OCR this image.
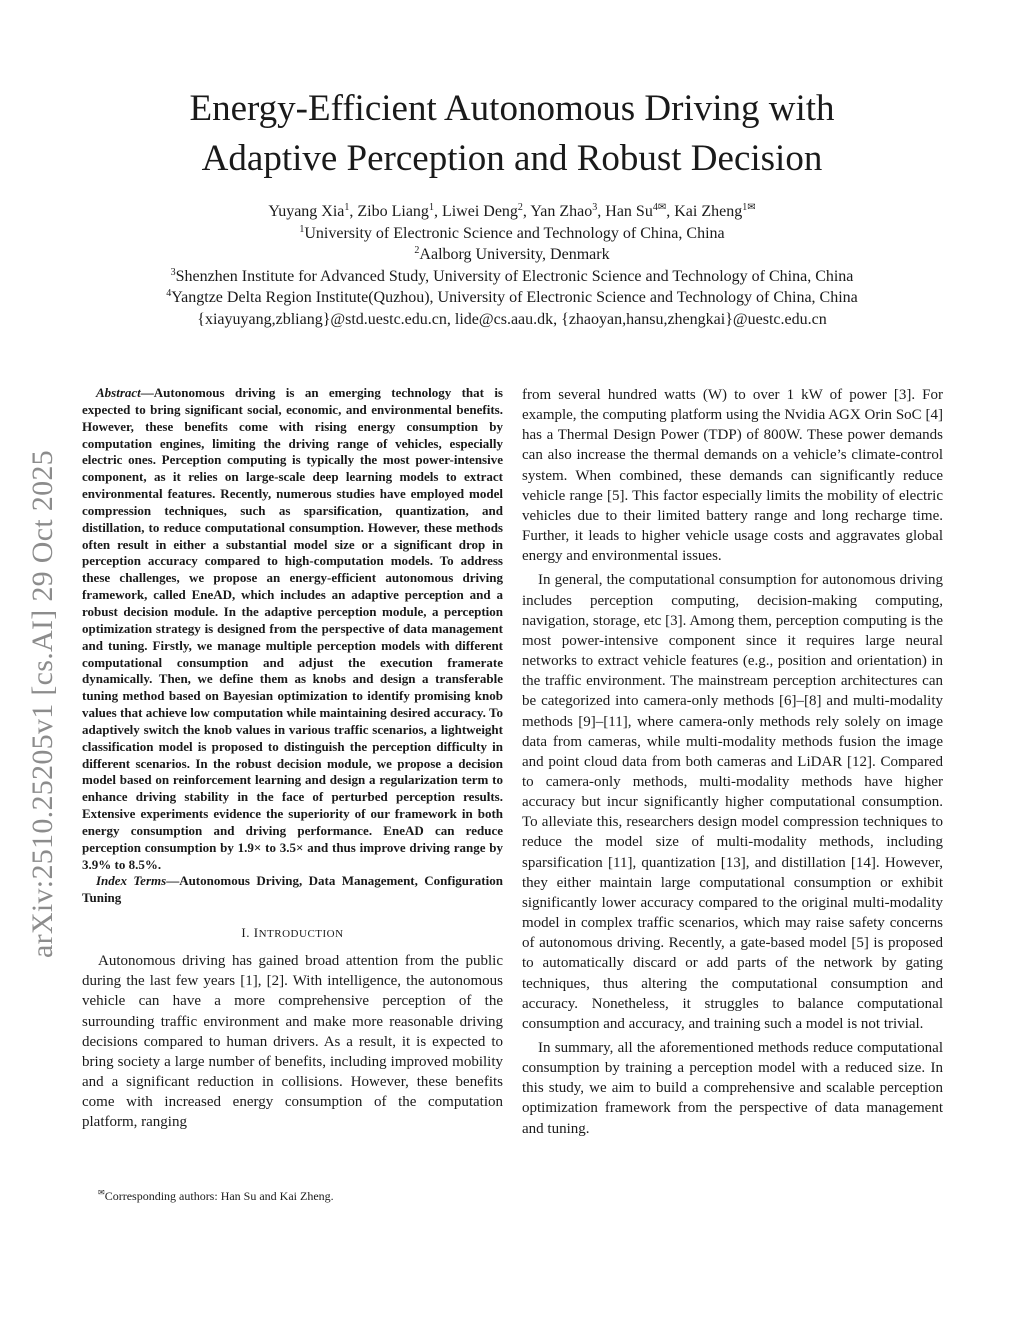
Energy-Efficient Autonomous Driving with
Adaptive Perception and Robust Decision
Yuyang Xia$^1$, Zibo Liang$^1$, Liwei Deng$^2$, Yan Zhao$^3$, Han $Su^{4✉}$, Kai Zheng$^{1✉}$
$^1$University of Electronic Science and Technology of China, China
$^2$Aalborg University, Denmark
$^3$Shenzhen Institute for Advanced Study, University of Electronic Science and Technology of China, China
$^4$Yangtze Delta Region Institute(Quzhou), University of Electronic Science and Technology of China, China
{xiayuyang,zbliang}@std.uestc.edu.cn, lide@cs.aau.dk, {zhaoyan,hansu,zhengkai}@uestc.edu.cn
arXiv:2510.25205v1 [cs.AI] 29 Oct 2025

Abstract—Autonomous driving is an emerging technology that is expected to bring significant social, economic, and environmental benefits. However, these benefits come with rising energy consumption by computation engines, limiting the driving range of vehicles, especially electric ones. Perception computing is typically the most power-intensive component, as it relies on large-scale deep learning models to extract environmental features. Recently, numerous studies have employed model compression techniques, such as sparsification, quantization, and distillation, to reduce computational consumption. However, these methods often result in either a substantial model size or a significant drop in perception accuracy compared to high-computation models. To address these challenges, we propose an energy-efficient autonomous driving framework, called EneAD, which includes an adaptive perception and a robust decision module. In the adaptive perception module, a perception optimization strategy is designed from the perspective of data management and tuning. Firstly, we manage multiple perception models with different computational consumption and adjust the execution framerate dynamically. Then, we define them as knobs and design a transferable tuning method based on Bayesian optimization to identify promising knob values that achieve low computation while maintaining desired accuracy. To adaptively switch the knob values in various traffic scenarios, a lightweight classification model is proposed to distinguish the perception difficulty in different scenarios. In the robust decision module, we propose a decision model based on reinforcement learning and design a regularization term to enhance driving stability in the face of perturbed perception results. Extensive experiments evidence the superiority of our framework in both energy consumption and driving performance. EneAD can reduce perception consumption by 1.9× to 3.5× and thus improve driving range by 3.9% to 8.5%.

Index Terms—Autonomous Driving, Data Management, Configuration Tuning

I. INTRODUCTION

Autonomous driving has gained broad attention from the public during the last few years [1], [2]. With intelligence, the autonomous vehicle can have a more comprehensive perception of the surrounding traffic environment and make more reasonable driving decisions compared to human drivers. As a result, it is expected to bring society a large number of benefits, including improved mobility and a significant reduction in collisions. However, these benefits come with increased energy consumption of the computation platform, ranging

from several hundred watts (W) to over 1 kW of power [3]. For example, the computing platform using the Nvidia AGX Orin SoC [4] has a Thermal Design Power (TDP) of 800W. These power demands can also increase the thermal demands on a vehicle’s climate-control system. When combined, these demands can significantly reduce vehicle range [5]. This factor especially limits the mobility of electric vehicles due to their limited battery range and long recharge time. Further, it leads to higher vehicle usage costs and aggravates global energy and environmental issues.

In general, the computational consumption for autonomous driving includes perception computing, decision-making computing, navigation, storage, etc [3]. Among them, perception computing is the most power-intensive component since it requires large neural networks to extract vehicle features (e.g., position and orientation) in the traffic environment. The mainstream perception architectures can be categorized into camera-only methods [6]–[8] and multi-modality methods [9]–[11], where camera-only methods rely solely on image data from cameras, while multi-modality methods fusion the image and point cloud data from both cameras and LiDAR [12]. Compared to camera-only methods, multi-modality methods have higher accuracy but incur significantly higher computational consumption. To alleviate this, researchers design model compression techniques to reduce the model size of multi-modality methods, including sparsification [11], quantization [13], and distillation [14]. However, they either maintain large computational consumption or exhibit significantly lower accuracy compared to the original multi-modality model in complex traffic scenarios, which may raise safety concerns of autonomous driving. Recently, a gate-based model [5] is proposed to automatically discard or add parts of the network by gating techniques, thus altering the computational consumption and accuracy. Nonetheless, it struggles to balance computational consumption and accuracy, and training such a model is not trivial.

In summary, all the aforementioned methods reduce computational consumption by training a perception model with a reduced size. In this study, we aim to build a comprehensive and scalable perception optimization framework from the perspective of data management and tuning.

✉Corresponding authors: Han Su and Kai Zheng.
